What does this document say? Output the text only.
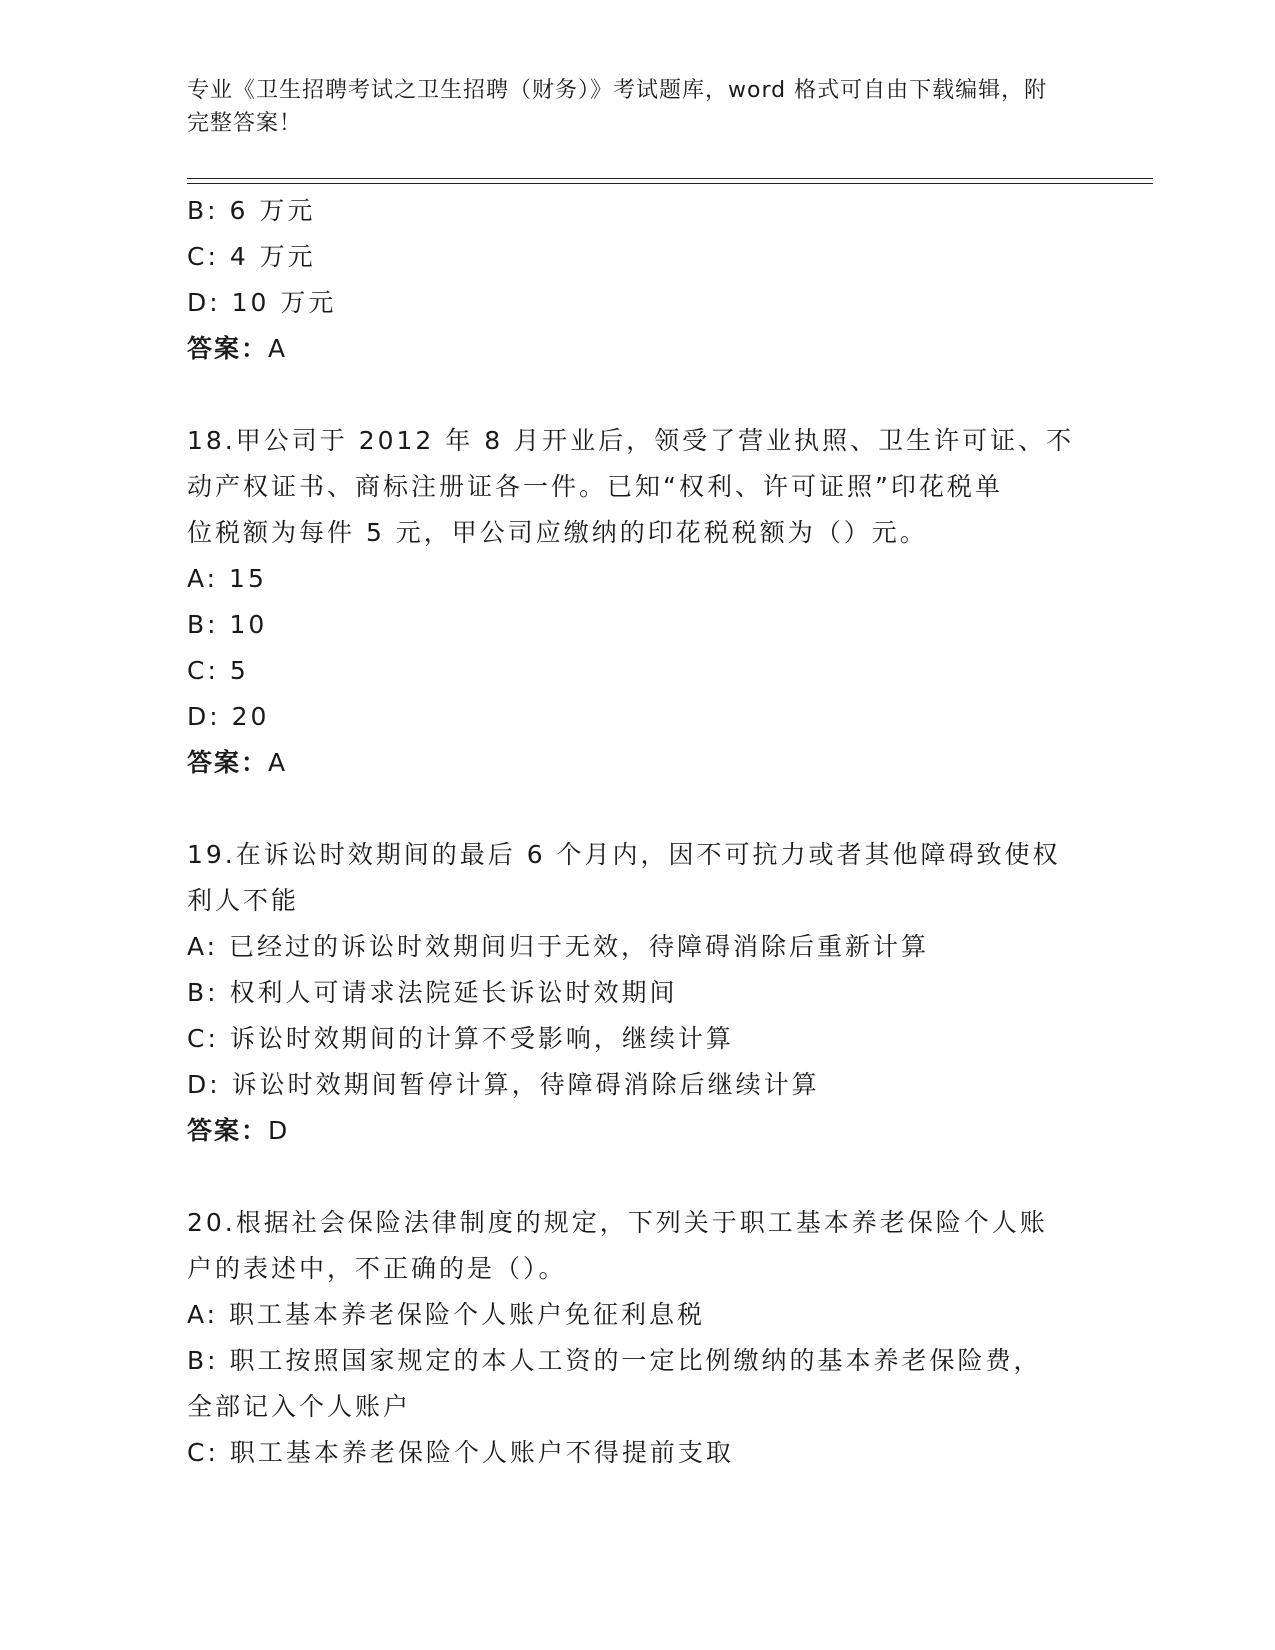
专业《卫生招聘考试之卫生招聘（财务）》考试题库，word 格式可自由下载编辑，附完整答案！
B: 6 万元
C: 4 万元
D: 10 万元
答案：A
18.甲公司于 2012 年 8 月开业后，领受了营业执照、卫生许可证、不
动产权证书、商标注册证各一件。已知“权利、许可证照”印花税单
位税额为每件 5 元，甲公司应缴纳的印花税税额为（）元。
A: 15
B: 10
C: 5
D: 20
答案：A
19.在诉讼时效期间的最后 6 个月内，因不可抗力或者其他障碍致使权
利人不能
A: 已经过的诉讼时效期间归于无效，待障碍消除后重新计算
B: 权利人可请求法院延长诉讼时效期间
C: 诉讼时效期间的计算不受影响，继续计算
D: 诉讼时效期间暂停计算，待障碍消除后继续计算
答案：D
20.根据社会保险法律制度的规定，下列关于职工基本养老保险个人账
户的表述中，不正确的是（）。
A: 职工基本养老保险个人账户免征利息税
B: 职工按照国家规定的本人工资的一定比例缴纳的基本养老保险费，
全部记入个人账户
C: 职工基本养老保险个人账户不得提前支取
